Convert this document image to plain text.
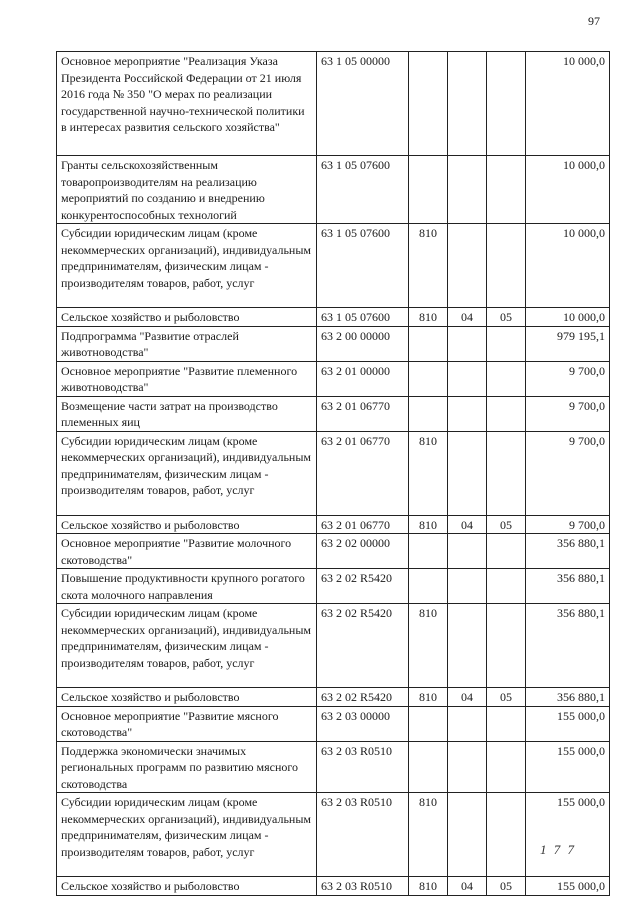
97
Основное мероприятие "Реализация Указа Президента Российской Федерации от 21 июля 2016 года № 350 "О мерах по реализации государственной научно-технической политики в интересах развития сельского хозяйства"	63 1 05 00000				10 000,0
Гранты сельскохозяйственным товаропроизводителям на реализацию мероприятий по созданию и внедрению конкурентоспособных технологий	63 1 05 07600				10 000,0
Субсидии юридическим лицам (кроме некоммерческих организаций), индивидуальным предпринимателям, физическим лицам - производителям товаров, работ, услуг	63 1 05 07600	810			10 000,0
Сельское хозяйство и рыболовство	63 1 05 07600	810	04	05	10 000,0
Подпрограмма "Развитие отраслей животноводства"	63 2 00 00000				979 195,1
Основное мероприятие "Развитие племенного животноводства"	63 2 01 00000				9 700,0
Возмещение части затрат на производство племенных яиц	63 2 01 06770				9 700,0
Субсидии юридическим лицам (кроме некоммерческих организаций), индивидуальным предпринимателям, физическим лицам - производителям товаров, работ, услуг	63 2 01 06770	810			9 700,0
Сельское хозяйство и рыболовство	63 2 01 06770	810	04	05	9 700,0
Основное мероприятие "Развитие молочного скотоводства"	63 2 02 00000				356 880,1
Повышение продуктивности крупного рогатого скота молочного направления	63 2 02 R5420				356 880,1
Субсидии юридическим лицам (кроме некоммерческих организаций), индивидуальным предпринимателям, физическим лицам - производителям товаров, работ, услуг	63 2 02 R5420	810			356 880,1
Сельское хозяйство и рыболовство	63 2 02 R5420	810	04	05	356 880,1
Основное мероприятие "Развитие мясного скотоводства"	63 2 03 00000				155 000,0
Поддержка экономически значимых региональных программ по развитию мясного скотоводства	63 2 03 R0510				155 000,0
Субсидии юридическим лицам (кроме некоммерческих организаций), индивидуальным предпринимателям, физическим лицам - производителям товаров, работ, услуг	63 2 03 R0510	810			155 000,0
Сельское хозяйство и рыболовство	63 2 03 R0510	810	04	05	155 000,0
1 7 7
